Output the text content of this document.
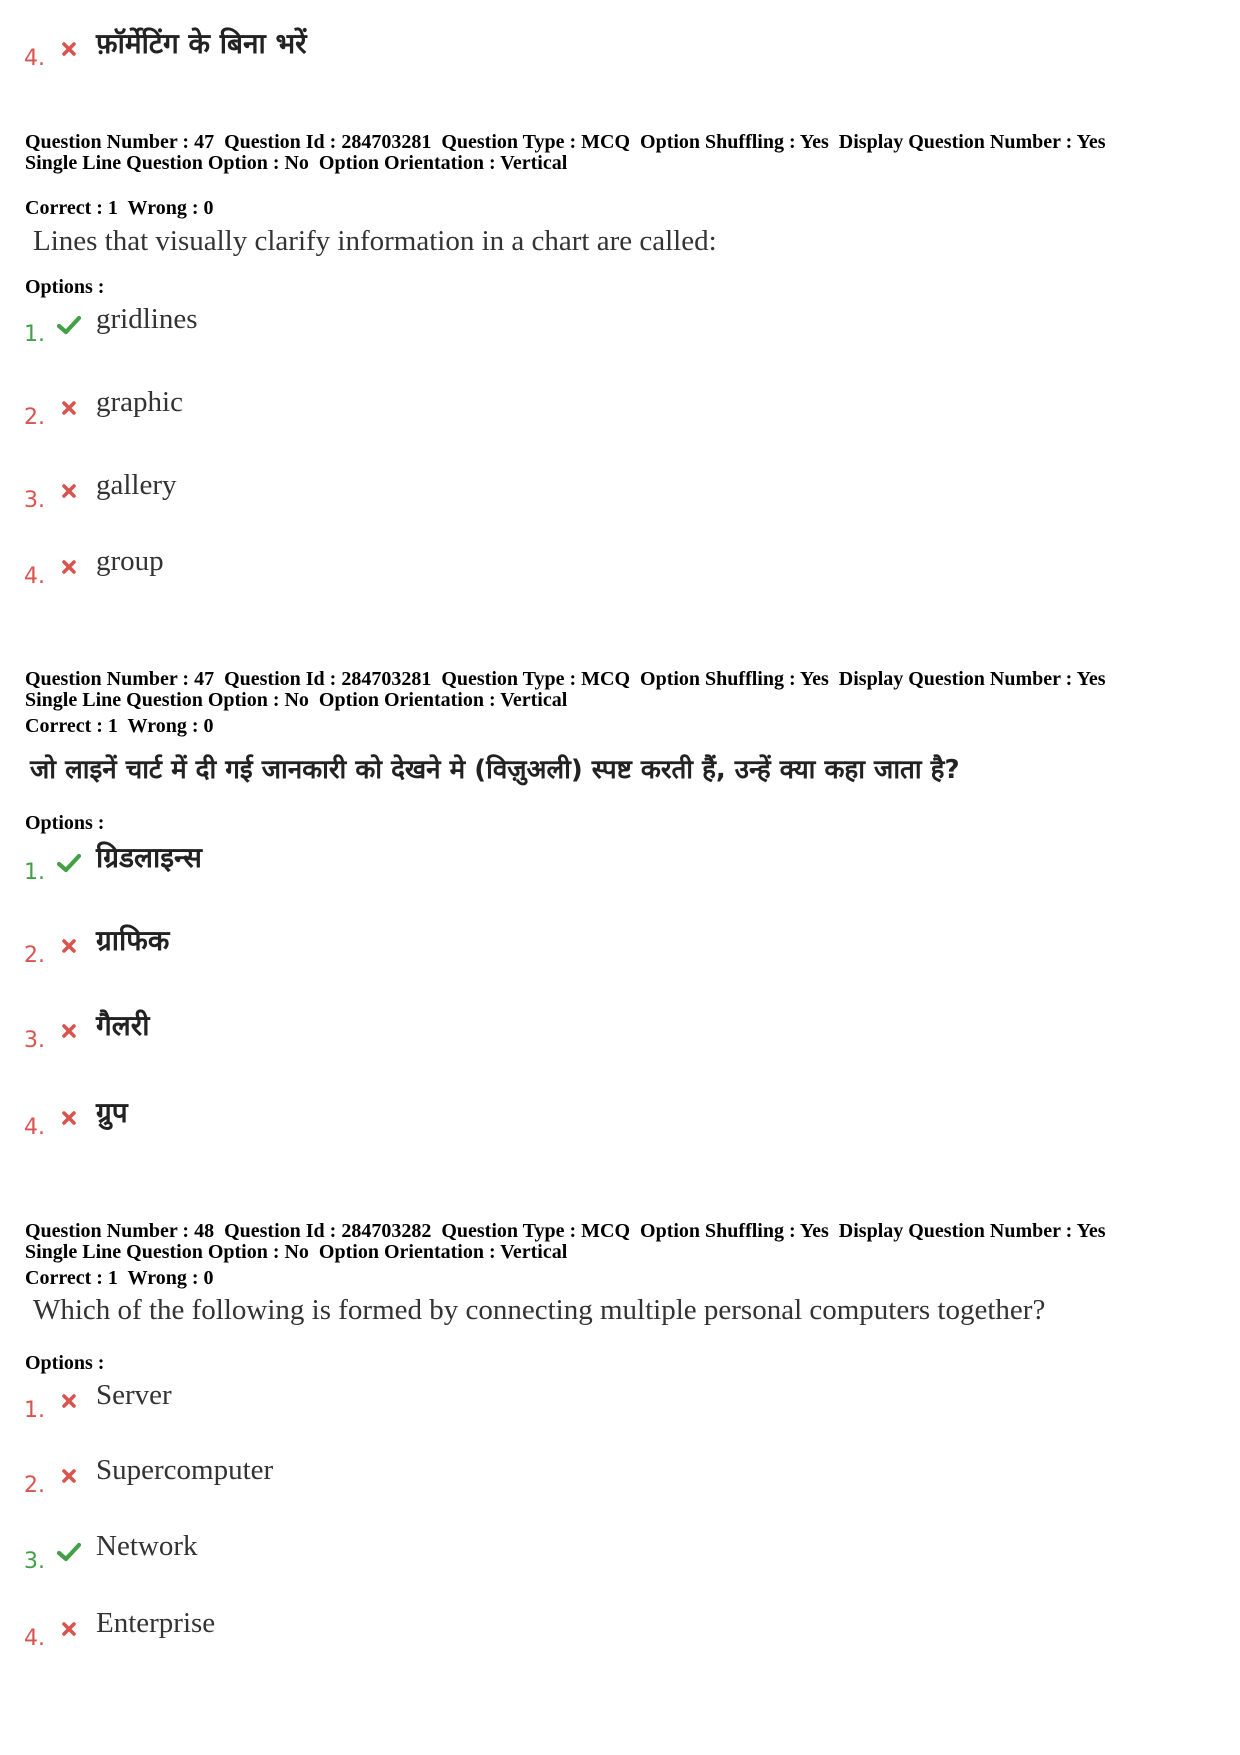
4.	फ़ॉर्मेटिंग के बिना भरें
Question Number : 47  Question Id : 284703281  Question Type : MCQ  Option Shuffling : Yes  Display Question Number : Yes
Single Line Question Option : No  Option Orientation : Vertical
Correct : 1  Wrong : 0
Lines that visually clarify information in a chart are called:
Options :
1.	gridlines
2.	graphic
3.	gallery
4.	group
Question Number : 47  Question Id : 284703281  Question Type : MCQ  Option Shuffling : Yes  Display Question Number : Yes
Single Line Question Option : No  Option Orientation : Vertical
Correct : 1  Wrong : 0
जो लाइनें चार्ट में दी गई जानकारी को देखने मे (विज़ुअली) स्पष्ट करती हैं, उन्हें क्या कहा जाता है?
Options :
1.	ग्रिडलाइन्स
2.	ग्राफिक
3.	गैलरी
4.	ग्रुप
Question Number : 48  Question Id : 284703282  Question Type : MCQ  Option Shuffling : Yes  Display Question Number : Yes
Single Line Question Option : No  Option Orientation : Vertical
Correct : 1  Wrong : 0
Which of the following is formed by connecting multiple personal computers together?
Options :
1.	Server
2.	Supercomputer
3.	Network
4.	Enterprise
